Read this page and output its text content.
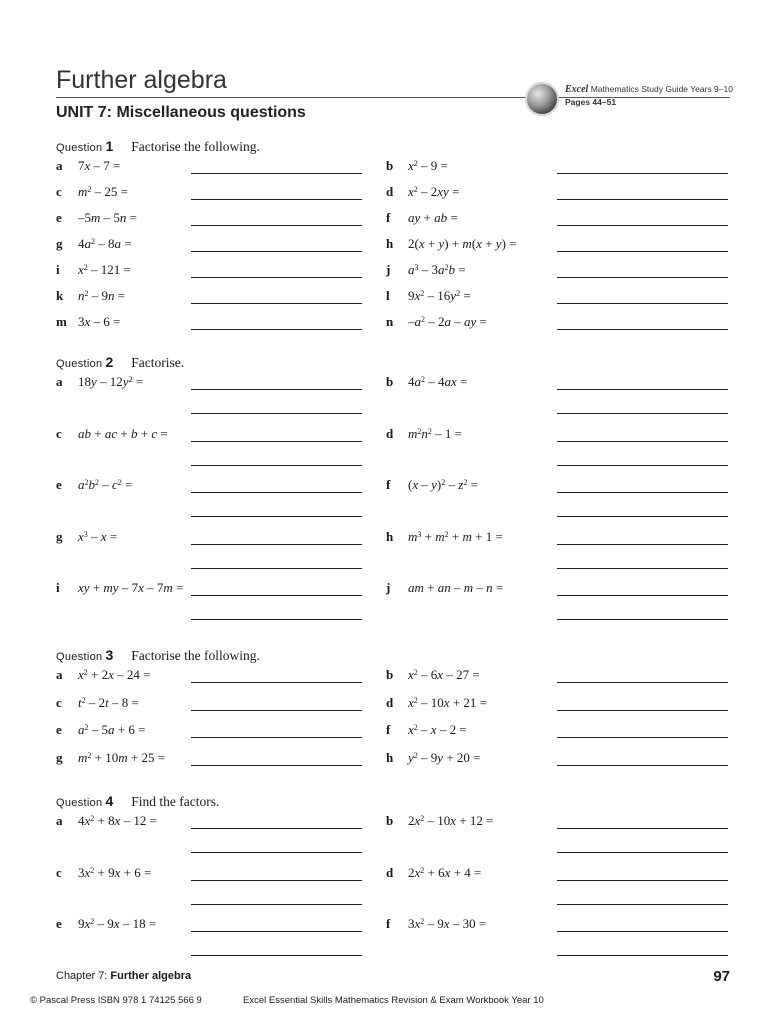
Further algebra
UNIT 7: Miscellaneous questions
Excel Mathematics Study Guide Years 9–10
Pages 44–51
Question 1 Factorise the following.
a 7x – 7 =	b $x^2 - 9$ =
c $m^2 - 25$ =	d $x^2 - 2xy$ =
e –5m – 5n =	f ay + ab =
g $4a^2 - 8a$ =	h 2(x + y) + m(x + y) =
i $x^2 - 121$ =	j $a^3 - 3a^2b$ =
k $n^2 - 9n$ =	l $9x^2 - 16y^2$ =
m 3x – 6 =	n $-a^2 - 2a$ – ay =
Question 2 Factorise.
a $18y - 12y^2$ =	b $4a^2 - 4ax$ =
c ab + ac + b + c =	d $m^2n^2 - 1$ =
e $a^2b^2 - c^2$ =	f $(x - y)^2 - z^2$ =
g $x^3$ – x =	h $m^3 + m^2 + m + 1$ =
i xy + my – 7x – 7m =	j am + an – m – n =
Question 3 Factorise the following.
a $x^2 + 2x - 24$ =	b $x^2 - 6x - 27$ =
c $t^2 - 2t - 8$ =	d $x^2 - 10x + 21$ =
e $a^2 - 5a + 6$ =	f $x^2$ – x – 2 =
g $m^2 + 10m + 25$ =	h $y^2 - 9y + 20$ =
Question 4 Find the factors.
a $4x^2 + 8x - 12$ =	b $2x^2 - 10x + 12$ =
c $3x^2 + 9x + 6$ =	d $2x^2 + 6x + 4$ =
e $9x^2 - 9x - 18$ =	f $3x^2 - 9x - 30$ =
Chapter 7: Further algebra	97
© Pascal Press ISBN 978 1 74125 566 9	Excel Essential Skills Mathematics Revision & Exam Workbook Year 10
